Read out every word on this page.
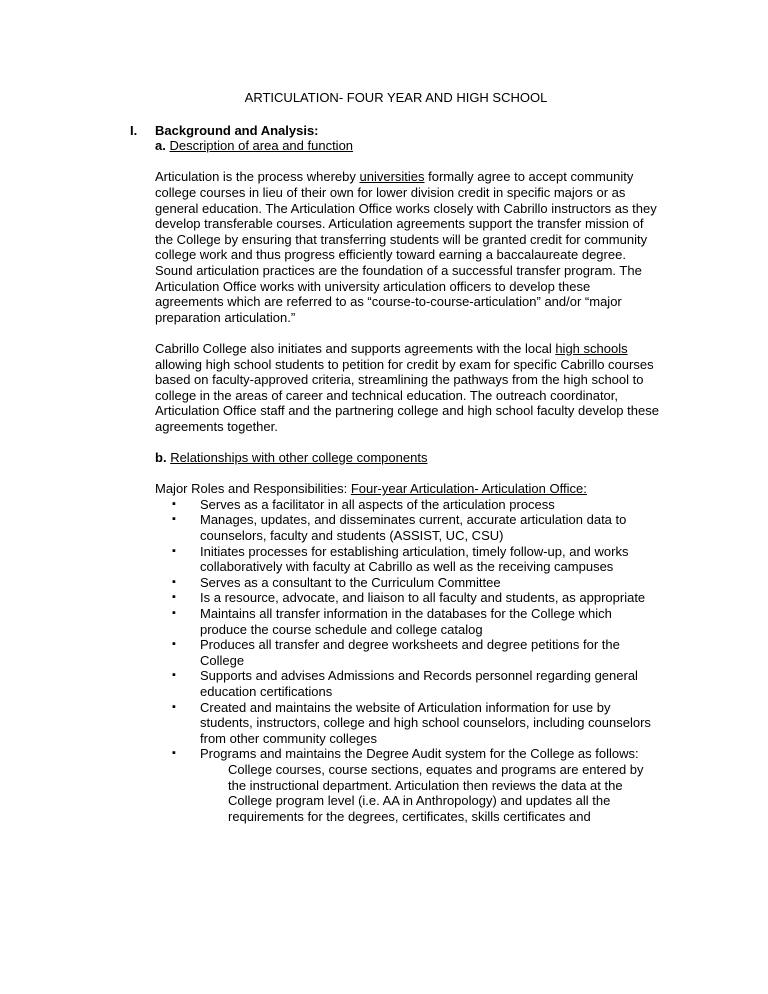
ARTICULATION- FOUR YEAR AND HIGH SCHOOL
I.	Background and Analysis:
a. Description of area and function

Articulation is the process whereby universities formally agree to accept community college courses in lieu of their own for lower division credit in specific majors or as general education. The Articulation Office works closely with Cabrillo instructors as they develop transferable courses. Articulation agreements support the transfer mission of the College by ensuring that transferring students will be granted credit for community college work and thus progress efficiently toward earning a baccalaureate degree. Sound articulation practices are the foundation of a successful transfer program. The Articulation Office works with university articulation officers to develop these agreements which are referred to as “course-to-course-articulation” and/or “major preparation articulation.”

Cabrillo College also initiates and supports agreements with the local high schools allowing high school students to petition for credit by exam for specific Cabrillo courses based on faculty-approved criteria, streamlining the pathways from the high school to college in the areas of career and technical education. The outreach coordinator, Articulation Office staff and the partnering college and high school faculty develop these agreements together.

b. Relationships with other college components

Major Roles and Responsibilities: Four-year Articulation- Articulation Office:

▪ Serves as a facilitator in all aspects of the articulation process
▪ Manages, updates, and disseminates current, accurate articulation data to counselors, faculty and students (ASSIST, UC, CSU)
▪ Initiates processes for establishing articulation, timely follow-up, and works collaboratively with faculty at Cabrillo as well as the receiving campuses
▪ Serves as a consultant to the Curriculum Committee
▪ Is a resource, advocate, and liaison to all faculty and students, as appropriate
▪ Maintains all transfer information in the databases for the College which produce the course schedule and college catalog
▪ Produces all transfer and degree worksheets and degree petitions for the College
▪ Supports and advises Admissions and Records personnel regarding general education certifications
▪ Created and maintains the website of Articulation information for use by students, instructors, college and high school counselors, including counselors from other community colleges
▪ Programs and maintains the Degree Audit system for the College as follows:

College courses, course sections, equates and programs are entered by the instructional department. Articulation then reviews the data at the College program level (i.e. AA in Anthropology) and updates all the requirements for the degrees, certificates, skills certificates and
